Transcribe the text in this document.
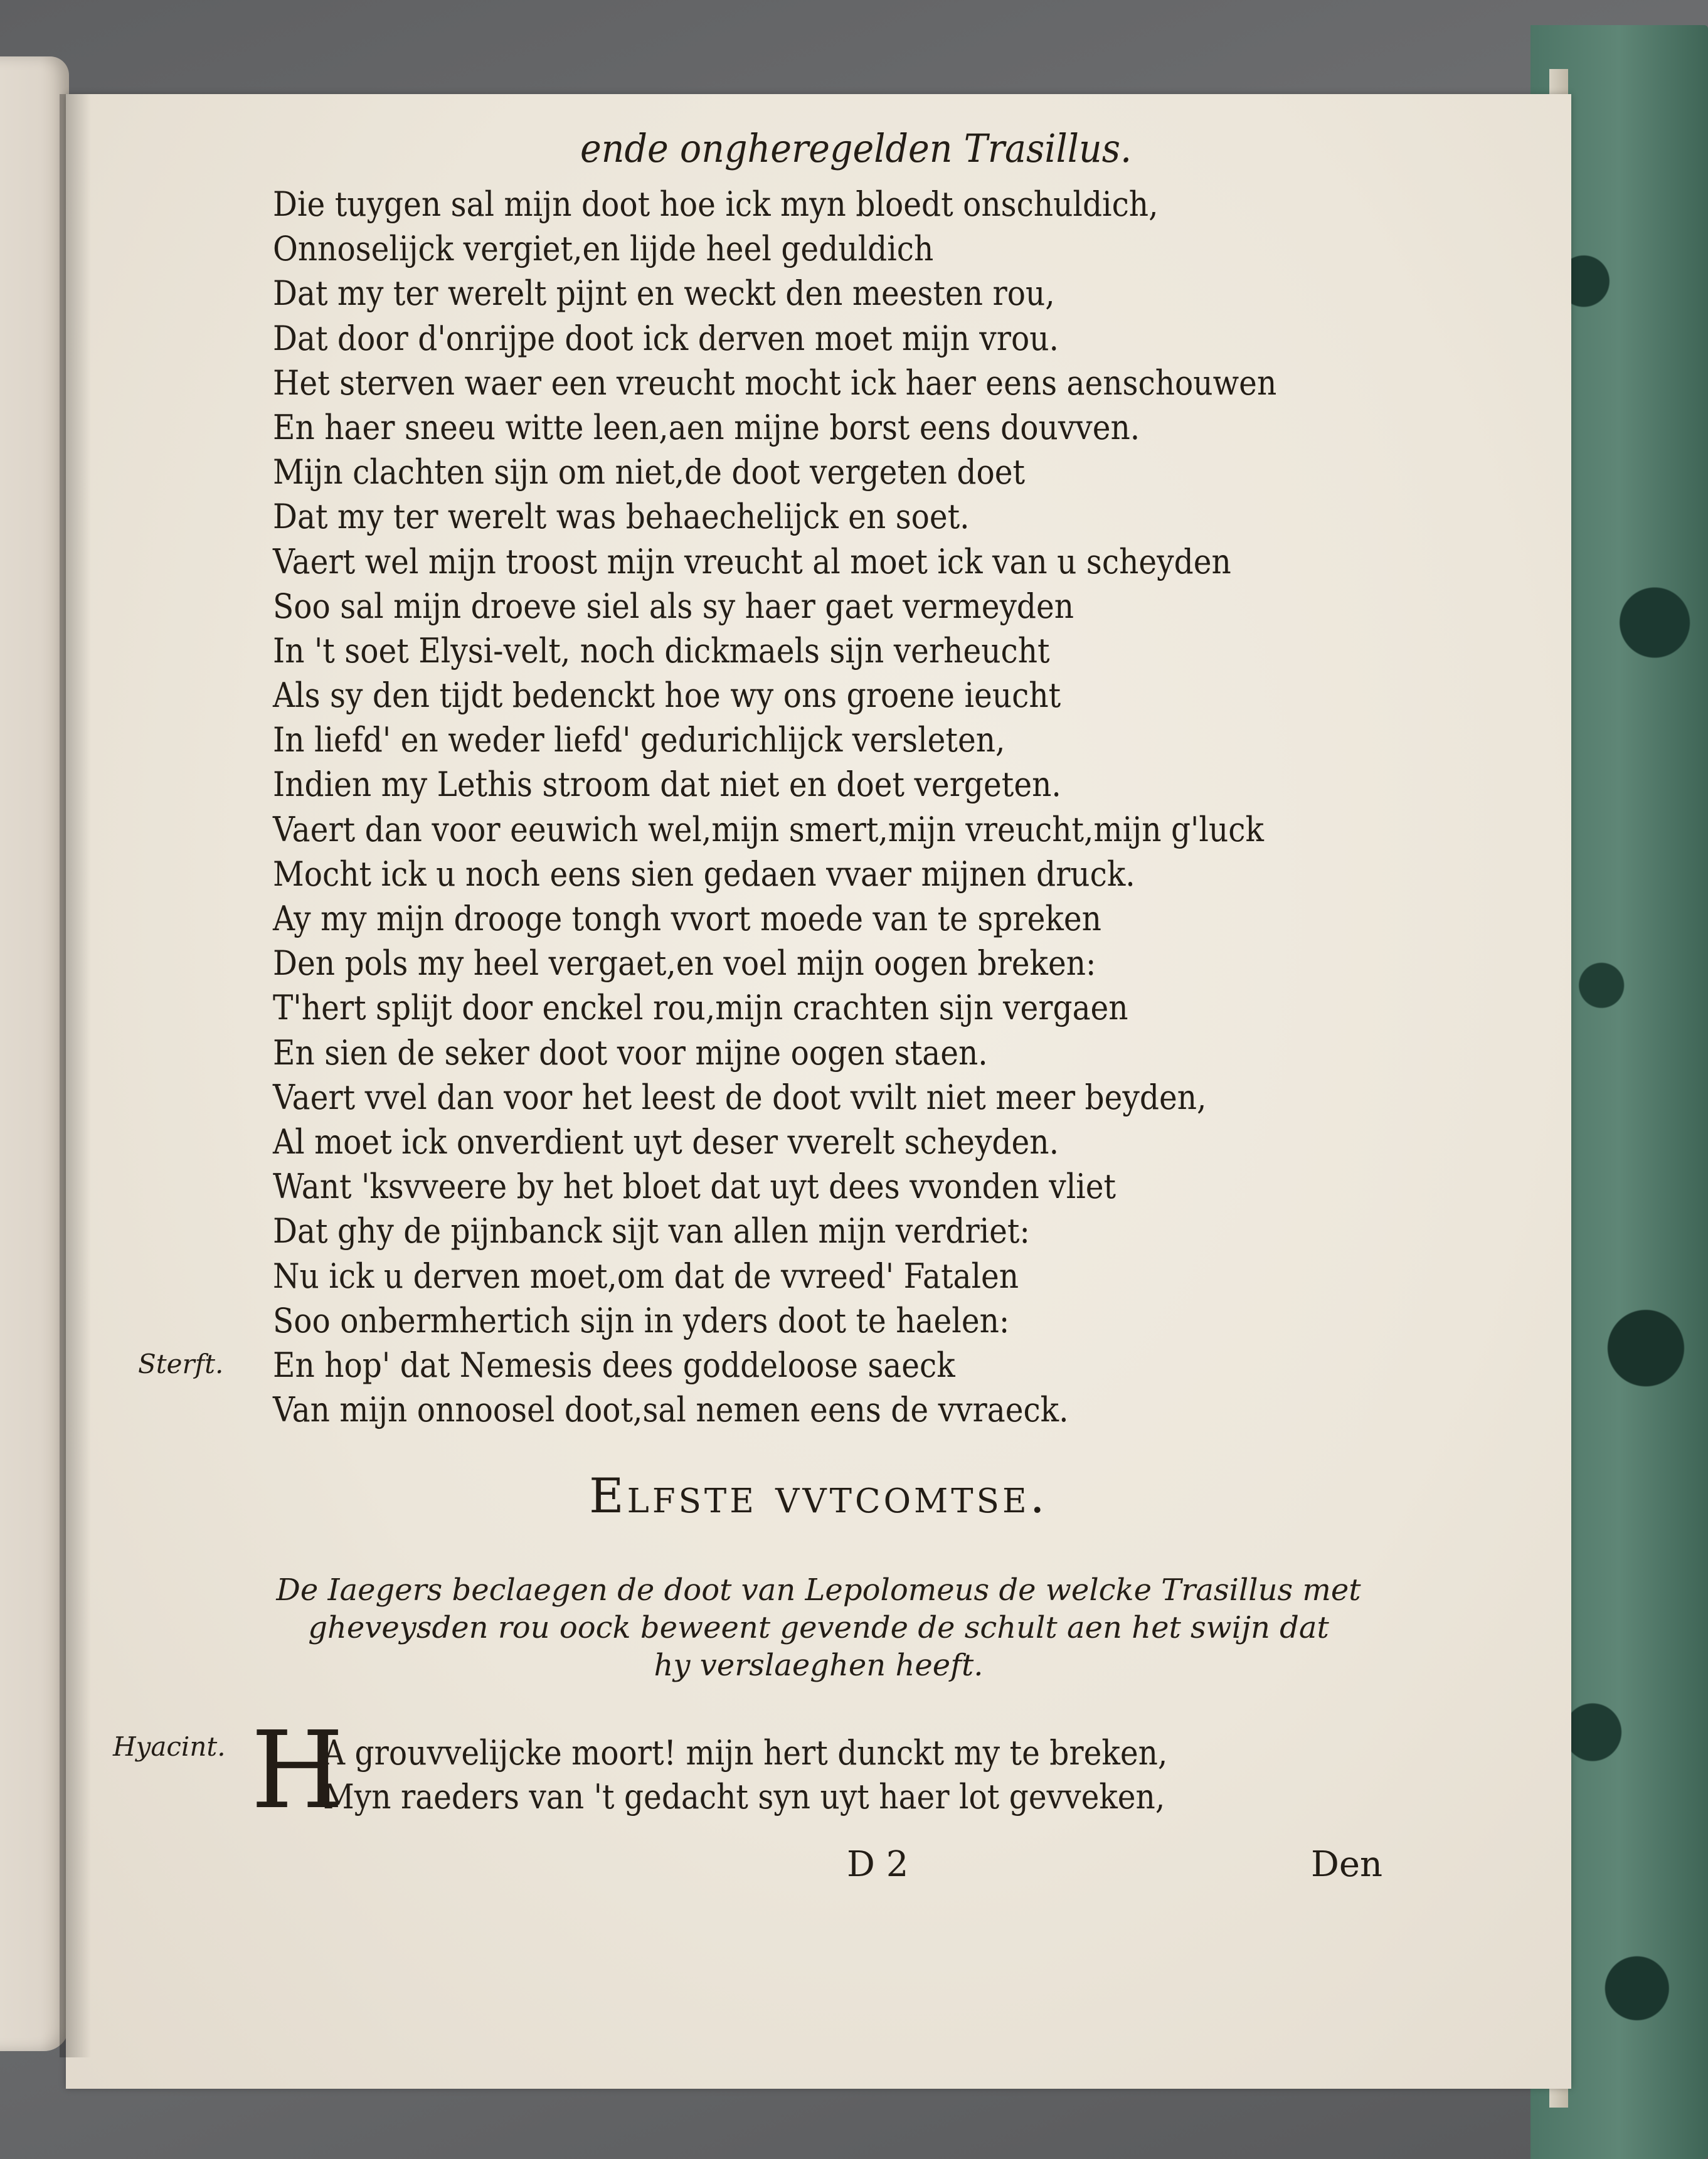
ende ongheregelden Trasillus.
Die tuygen sal mijn doot hoe ick myn bloedt onschuldich,
Onnoselijck vergiet,en lijde heel geduldich
Dat my ter werelt pijnt en weckt den meesten rou,
Dat door d'onrijpe doot ick derven moet mijn vrou.
Het sterven waer een vreucht mocht ick haer eens aenschouwen
En haer sneeu witte leen,aen mijne borst eens douvven.
Mijn clachten sijn om niet,de doot vergeten doet
Dat my ter werelt was behaechelijck en soet.
Vaert wel mijn troost mijn vreucht al moet ick van u scheyden
Soo sal mijn droeve siel als sy haer gaet vermeyden
In 't soet Elysi-velt, noch dickmaels sijn verheucht
Als sy den tijdt bedenckt hoe wy ons groene ieucht
In liefd' en weder liefd' gedurichlijck versleten,
Indien my Lethis stroom dat niet en doet vergeten.
Vaert dan voor eeuwich wel,mijn smert,mijn vreucht,mijn g'luck
Mocht ick u noch eens sien gedaen vvaer mijnen druck.
Ay my mijn drooge tongh vvort moede van te spreken
Den pols my heel vergaet,en voel mijn oogen breken:
T'hert splijt door enckel rou,mijn crachten sijn vergaen
En sien de seker doot voor mijne oogen staen.
Vaert vvel dan voor het leest de doot vvilt niet meer beyden,
Al moet ick onverdient uyt deser vverelt scheyden.
Want 'ksvveere by het bloet dat uyt dees vvonden vliet
Dat ghy de pijnbanck sijt van allen mijn verdriet:
Nu ick u derven moet,om dat de vvreed' Fatalen
Soo onbermhertich sijn in yders doot te haelen:
En hop' dat Nemesis dees goddeloose saeck
Van mijn onnoosel doot,sal nemen eens de vvraeck.
Sterft.
Elfste vvtcomtse.
De Iaegers beclaegen de doot van Lepolomeus de welcke Trasillus met
gheveysden rou oock beweent gevende de schult aen het swijn dat
hy verslaeghen heeft.
Hyacint. H
A grouvvelijcke moort! mijn hert dunckt my te breken,
Myn raeders van 't gedacht syn uyt haer lot gevveken,
D 2	Den
